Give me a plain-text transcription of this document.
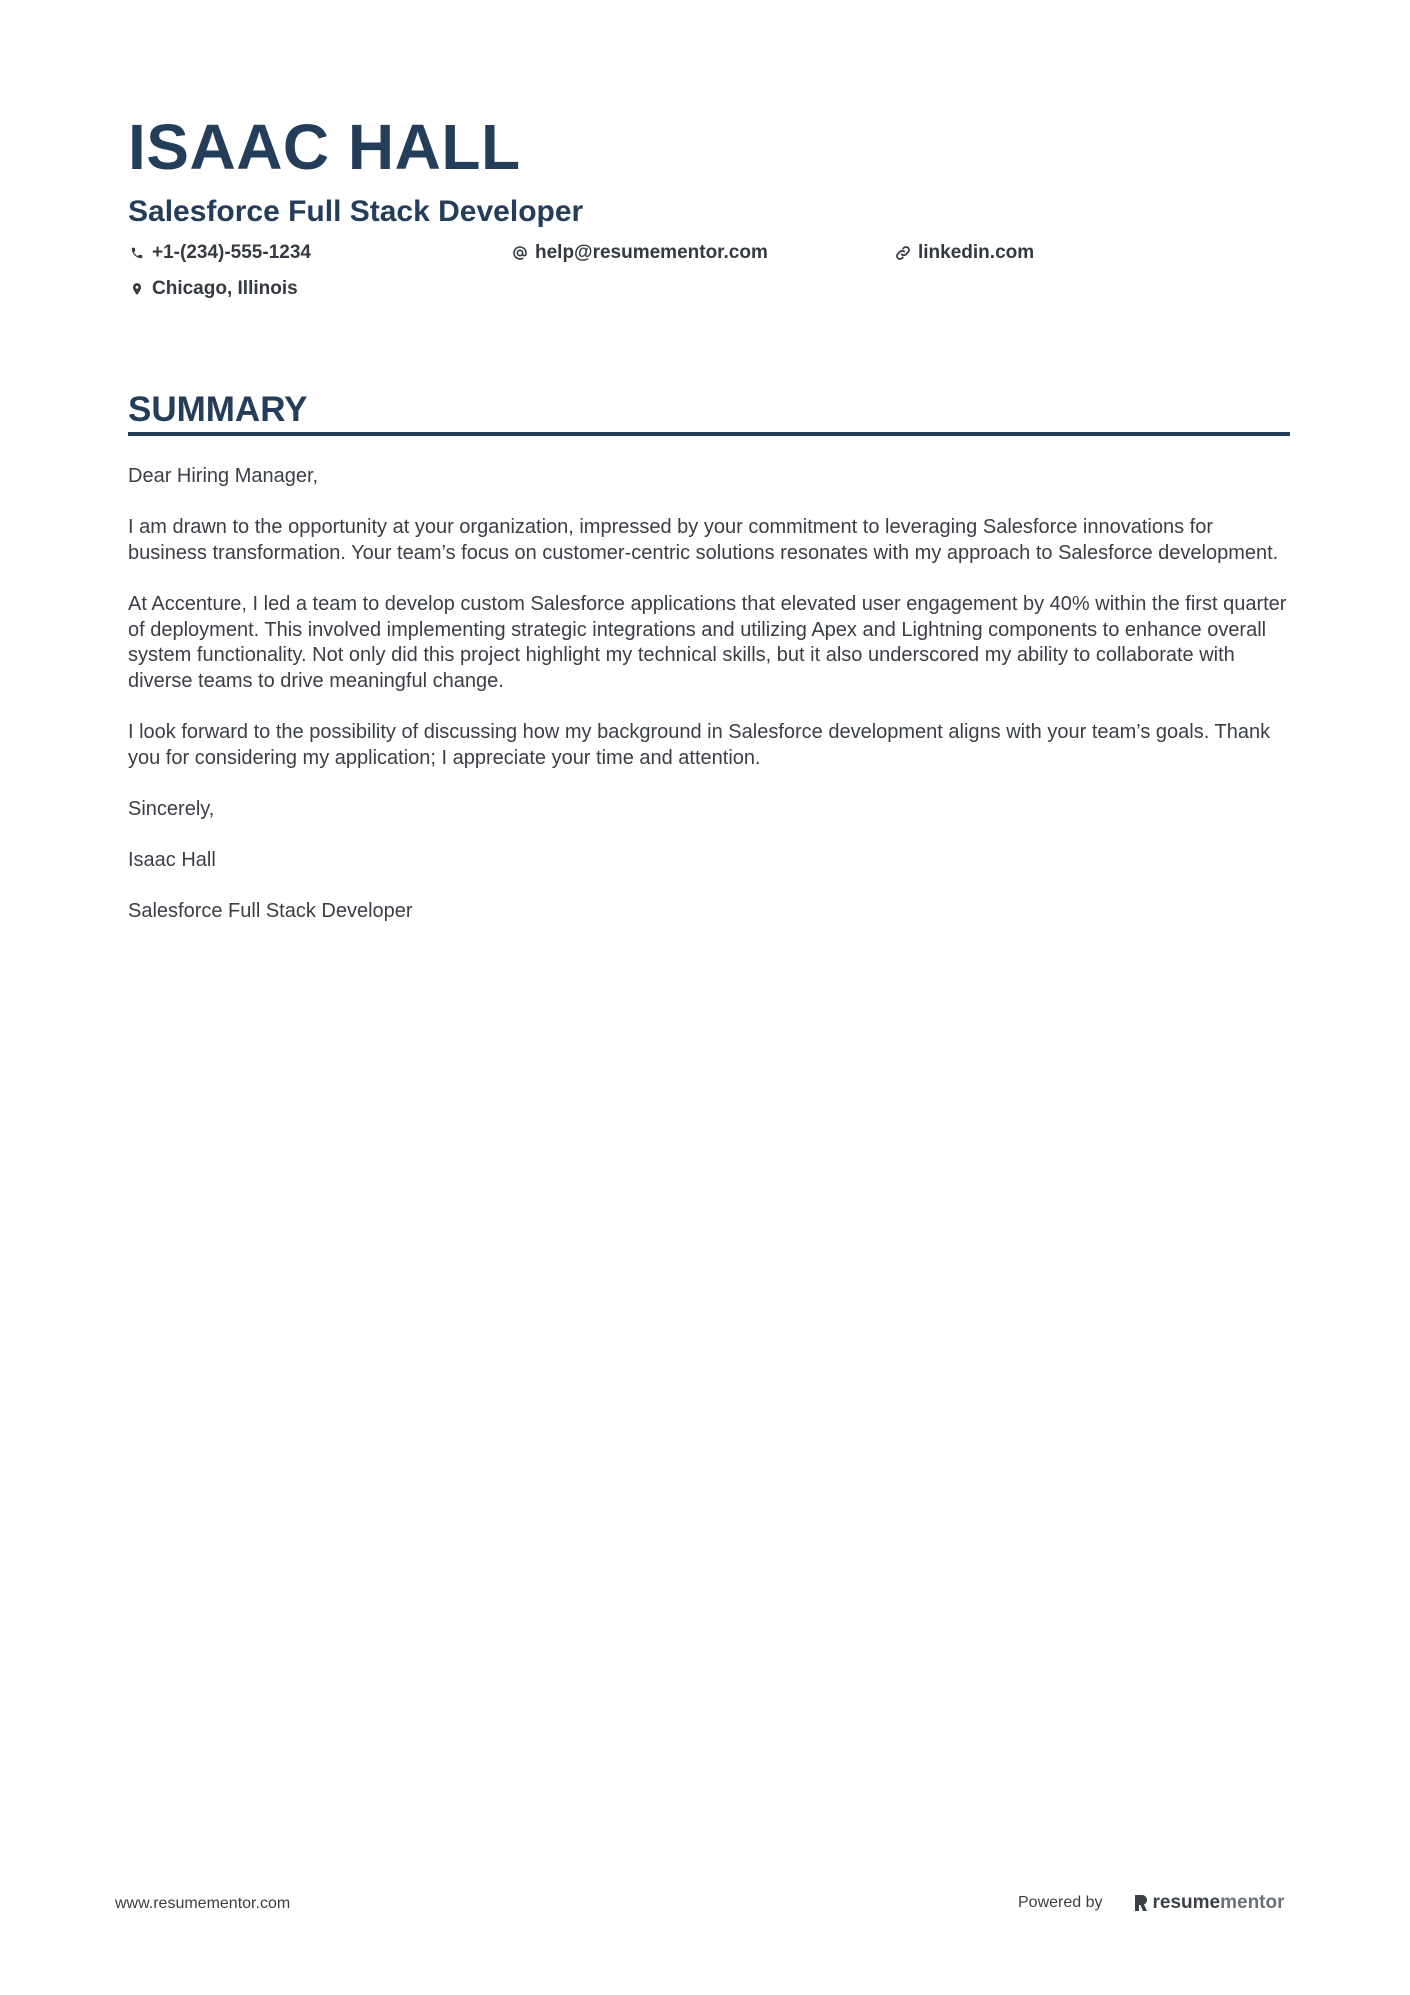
ISAAC HALL
Salesforce Full Stack Developer
+1-(234)-555-1234	help@resumementor.com	linkedin.com
Chicago, Illinois
SUMMARY

Dear Hiring Manager,

I am drawn to the opportunity at your organization, impressed by your commitment to leveraging Salesforce innovations for business transformation. Your team’s focus on customer-centric solutions resonates with my approach to Salesforce development.

At Accenture, I led a team to develop custom Salesforce applications that elevated user engagement by 40% within the first quarter of deployment. This involved implementing strategic integrations and utilizing Apex and Lightning components to enhance overall system functionality. Not only did this project highlight my technical skills, but it also underscored my ability to collaborate with diverse teams to drive meaningful change.

I look forward to the possibility of discussing how my background in Salesforce development aligns with your team’s goals. Thank you for considering my application; I appreciate your time and attention.

Sincerely,

Isaac Hall

Salesforce Full Stack Developer

www.resumementor.com	Powered by	resume mentor
